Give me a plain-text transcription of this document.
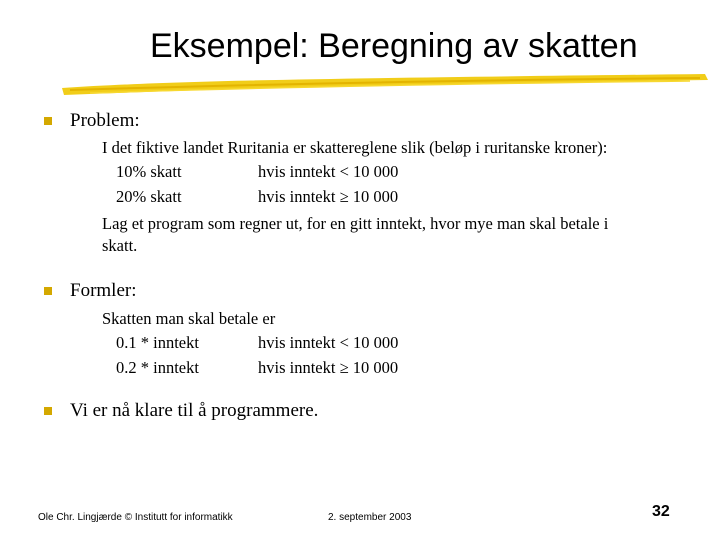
Eksempel: Beregning av skatten
Problem:
I det fiktive landet Ruritania er skattereglene slik (beløp i ruritanske kroner):
10% skatt	hvis inntekt < 10 000
20% skatt	hvis inntekt ≥ 10 000
Lag et program som regner ut, for en gitt inntekt, hvor mye man skal betale i
skatt.
Formler:
Skatten man skal betale er
0.1 * inntekt	hvis inntekt < 10 000
0.2 * inntekt	hvis inntekt ≥ 10 000
Vi er nå klare til å programmere.
Ole Chr. Lingjærde © Institutt for informatikk	2. september 2003	32
